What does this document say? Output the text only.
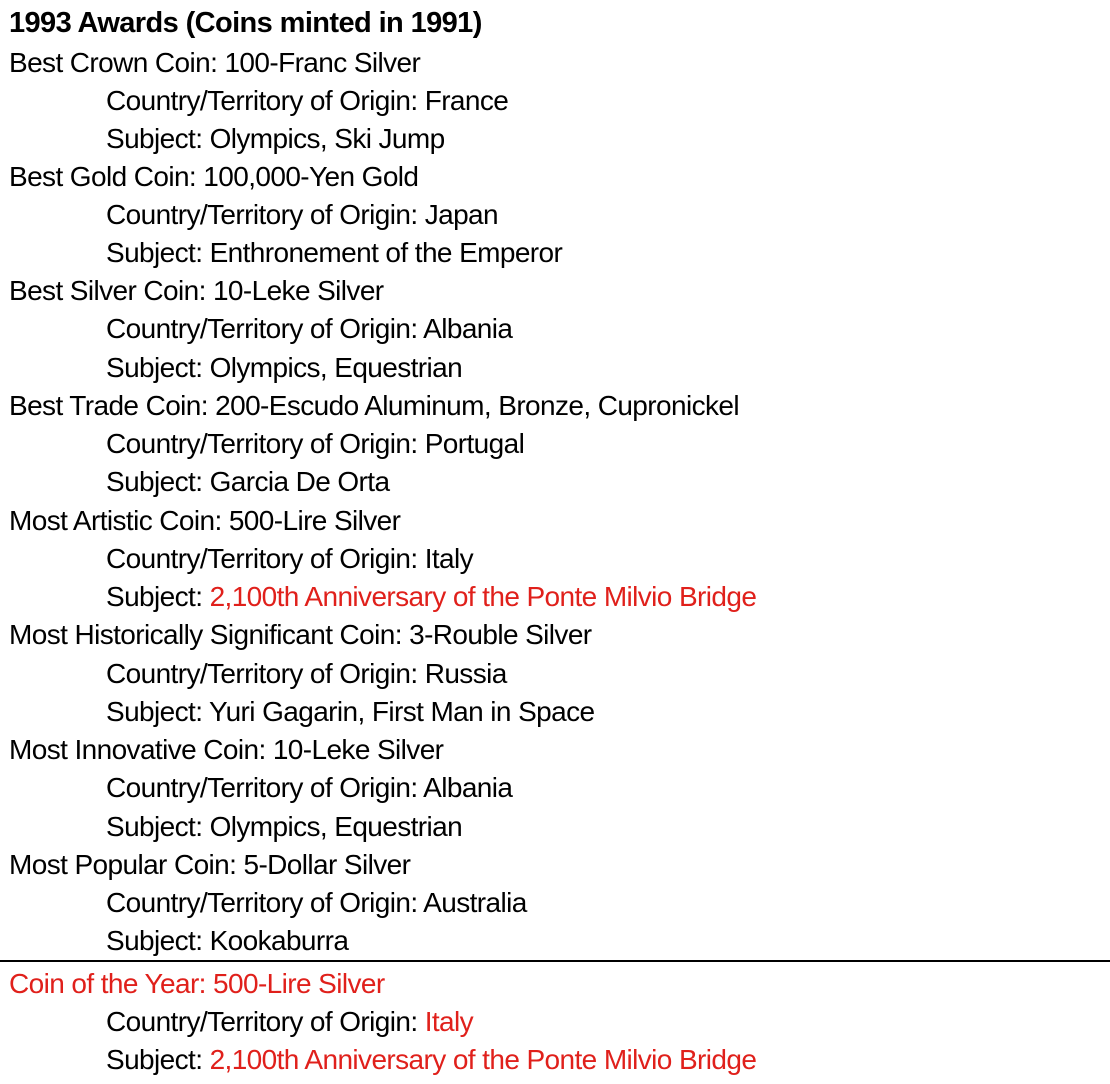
1993 Awards (Coins minted in 1991)
Best Crown Coin: 100-Franc Silver
Country/Territory of Origin: France
Subject: Olympics, Ski Jump
Best Gold Coin: 100,000-Yen Gold
Country/Territory of Origin: Japan
Subject: Enthronement of the Emperor
Best Silver Coin: 10-Leke Silver
Country/Territory of Origin: Albania
Subject: Olympics, Equestrian
Best Trade Coin: 200-Escudo Aluminum, Bronze, Cupronickel
Country/Territory of Origin: Portugal
Subject: Garcia De Orta
Most Artistic Coin: 500-Lire Silver
Country/Territory of Origin: Italy
Subject: 2,100th Anniversary of the Ponte Milvio Bridge
Most Historically Significant Coin: 3-Rouble Silver
Country/Territory of Origin: Russia
Subject: Yuri Gagarin, First Man in Space
Most Innovative Coin: 10-Leke Silver
Country/Territory of Origin: Albania
Subject: Olympics, Equestrian
Most Popular Coin: 5-Dollar Silver
Country/Territory of Origin: Australia
Subject: Kookaburra
Coin of the Year: 500-Lire Silver
Country/Territory of Origin: Italy
Subject: 2,100th Anniversary of the Ponte Milvio Bridge
